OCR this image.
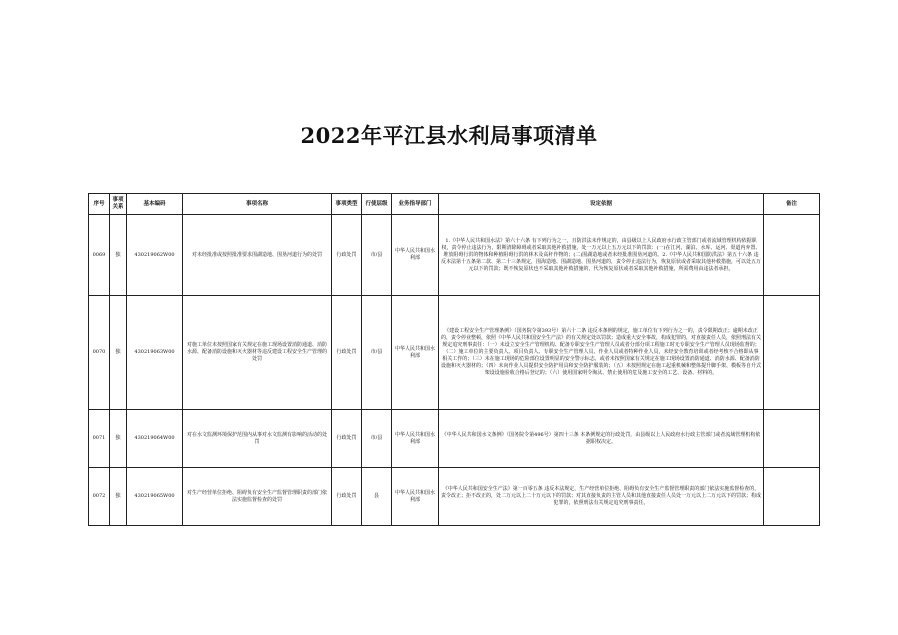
2022年平江县水利局事项清单
序号	事项关系	基本编码	事项名称	事项类型	行使层级	业务指导部门	设定依据	备注
0069	独	430219062W00	对未经批准或按照批准要求围湖造地、围垦河道行为的处罚	行政处罚	市/县	中华人民共和国水利部	1.《中华人民共和国水法》第六十六条 有下列行为之一，且防洪法未作规定的，由县级以上人民政府水行政主管部门或者流域管理机构依据职权，责令停止违法行为，限期清除障碍或者采取其他补救措施，处一万元以上五万元以下的罚款：(一)在江河、湖泊、水库、运河、渠道内弃置、堆放阻碍行洪的物体和种植阻碍行洪的林木及高秆作物的；(二)围湖造地或者未经批准围垦河道的。2.《中华人民共和国防洪法》第五十六条 违反本法第十五条第二款、第二十三条规定，围海造地、围湖造地、围垦河道的，责令停止违法行为，恢复原状或者采取其他补救措施，可以处五万元以下的罚款；既不恢复原状也不采取其他补救措施的，代为恢复原状或者采取其他补救措施，所需费用由违法者承担。	
0070	独	430219063W00	对施工单位未按照国家有关规定在施工现场设置消防通道、消防水源、配备消防设施和灭火器材等违反建设工程安全生产管理的处罚	行政处罚	市/县	中华人民共和国水利部	《建设工程安全生产管理条例》（国务院令第393号）第六十二条 违反本条例的规定，施工单位有下列行为之一的，责令限期改正；逾期未改正的，责令停业整顿，依照《中华人民共和国安全生产法》的有关规定处以罚款；造成重大安全事故，构成犯罪的，对直接责任人员，依照刑法有关规定追究刑事责任：（一）未设立安全生产管理机构、配备专职安全生产管理人员或者分部分项工程施工时无专职安全生产管理人员现场监督的；（二）施工单位的主要负责人、项目负责人、专职安全生产管理人员、作业人员或者特种作业人员，未经安全教育培训或者经考核不合格即从事相关工作的；（三）未在施工现场的危险部位设置明显的安全警示标志，或者未按照国家有关规定在施工现场设置消防通道、消防水源、配备消防设施和灭火器材的；（四）未向作业人员提供安全防护用具和安全防护服装的；（五）未按照规定在施工起重机械和整体提升脚手架、模板等自升式架设设施验收合格后登记的；（六）使用国家明令淘汰、禁止使用的危及施工安全的工艺、设备、材料的。	
0071	独	430219064W00	对在水文监测环境保护范围内从事对水文监测有影响的活动的处罚	行政处罚	市/县	中华人民共和国水利部	《中华人民共和国水文条例》（国务院令第496号）第四十三条 本条例规定的行政处罚，由县级以上人民政府水行政主管部门或者流域管理机构依据职权决定。	
0072	独	430219065W00	对生产经营单位拒绝、阻碍负有安全生产监督管理职责的部门依法实施监督检查的处罚	行政处罚	县	中华人民共和国水利部	《中华人民共和国安全生产法》第一百零五条 违反本法规定，生产经营单位拒绝、阻碍负有安全生产监督管理职责的部门依法实施监督检查的，责令改正；拒不改正的，处二万元以上二十万元以下的罚款；对其直接负责的主管人员和其他直接责任人员处一万元以上二万元以下的罚款；构成犯罪的，依照刑法有关规定追究刑事责任。	
